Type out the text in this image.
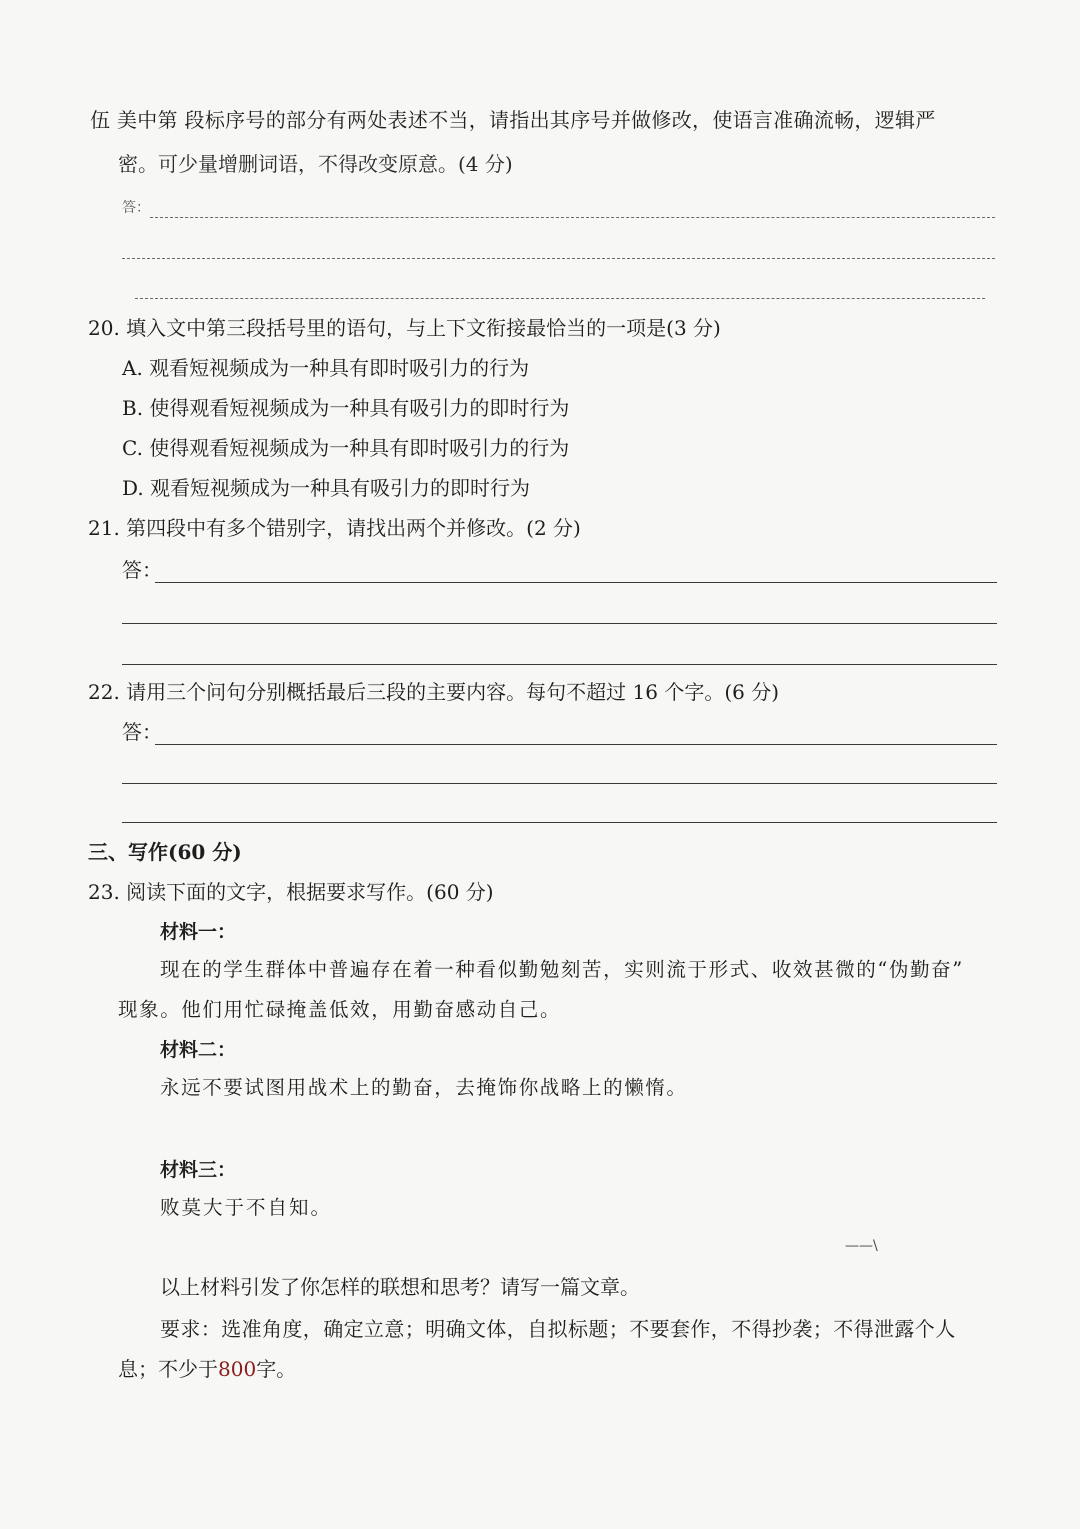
伍 美中第 段标序号的部分有两处表述不当，请指出其序号并做修改，使语言准确流畅，逻辑严
密。可少量增删词语，不得改变原意。(4 分)
答：
20. 填入文中第三段括号里的语句，与上下文衔接最恰当的一项是(3 分)
A. 观看短视频成为一种具有即时吸引力的行为
B. 使得观看短视频成为一种具有吸引力的即时行为
C. 使得观看短视频成为一种具有即时吸引力的行为
D. 观看短视频成为一种具有吸引力的即时行为
21. 第四段中有多个错别字，请找出两个并修改。(2 分)
答：
22. 请用三个问句分别概括最后三段的主要内容。每句不超过 16 个字。(6 分)
答：
三、写作(60 分)
23. 阅读下面的文字，根据要求写作。(60 分)
材料一：
现在的学生群体中普遍存在着一种看似勤勉刻苦，实则流于形式、收效甚微的“伪勤奋”
现象。他们用忙碌掩盖低效，用勤奋感动自己。
材料二：
永远不要试图用战术上的勤奋，去掩饰你战略上的懒惰。
材料三：
败莫大于不自知。
——\
以上材料引发了你怎样的联想和思考？请写一篇文章。
要求：选准角度，确定立意；明确文体，自拟标题；不要套作，不得抄袭；不得泄露个人
息；不少于800字。
